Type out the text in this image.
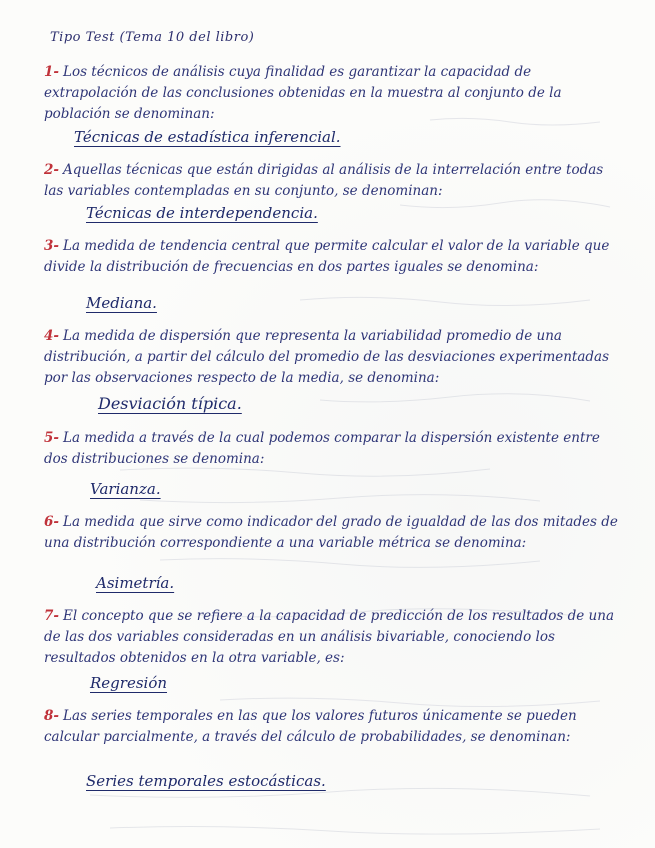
Tipo Test (Tema 10 del libro)
1- Los técnicos de análisis cuya finalidad es garantizar la capacidad de extrapolación de las conclusiones obtenidas en la muestra al conjunto de la población se denominan:
Técnicas de estadística inferencial.
2- Aquellas técnicas que están dirigidas al análisis de la interrelación entre todas las variables contempladas en su conjunto, se denominan:
Técnicas de interdependencia.
3- La medida de tendencia central que permite calcular el valor de la variable que divide la distribución de frecuencias en dos partes iguales se denomina:
Mediana.
4- La medida de dispersión que representa la variabilidad promedio de una distribución, a partir del cálculo del promedio de las desviaciones experimentadas por las observaciones respecto de la media, se denomina:
Desviación típica.
5- La medida a través de la cual podemos comparar la dispersión existente entre dos distribuciones se denomina:
Varianza.
6- La medida que sirve como indicador del grado de igualdad de las dos mitades de una distribución correspondiente a una variable métrica se denomina:
Asimetría.
7- El concepto que se refiere a la capacidad de predicción de los resultados de una de las dos variables consideradas en un análisis bivariable, conociendo los resultados obtenidos en la otra variable, es:
Regresión
8- Las series temporales en las que los valores futuros únicamente se pueden calcular parcialmente, a través del cálculo de probabilidades, se denominan:
Series temporales estocásticas.
